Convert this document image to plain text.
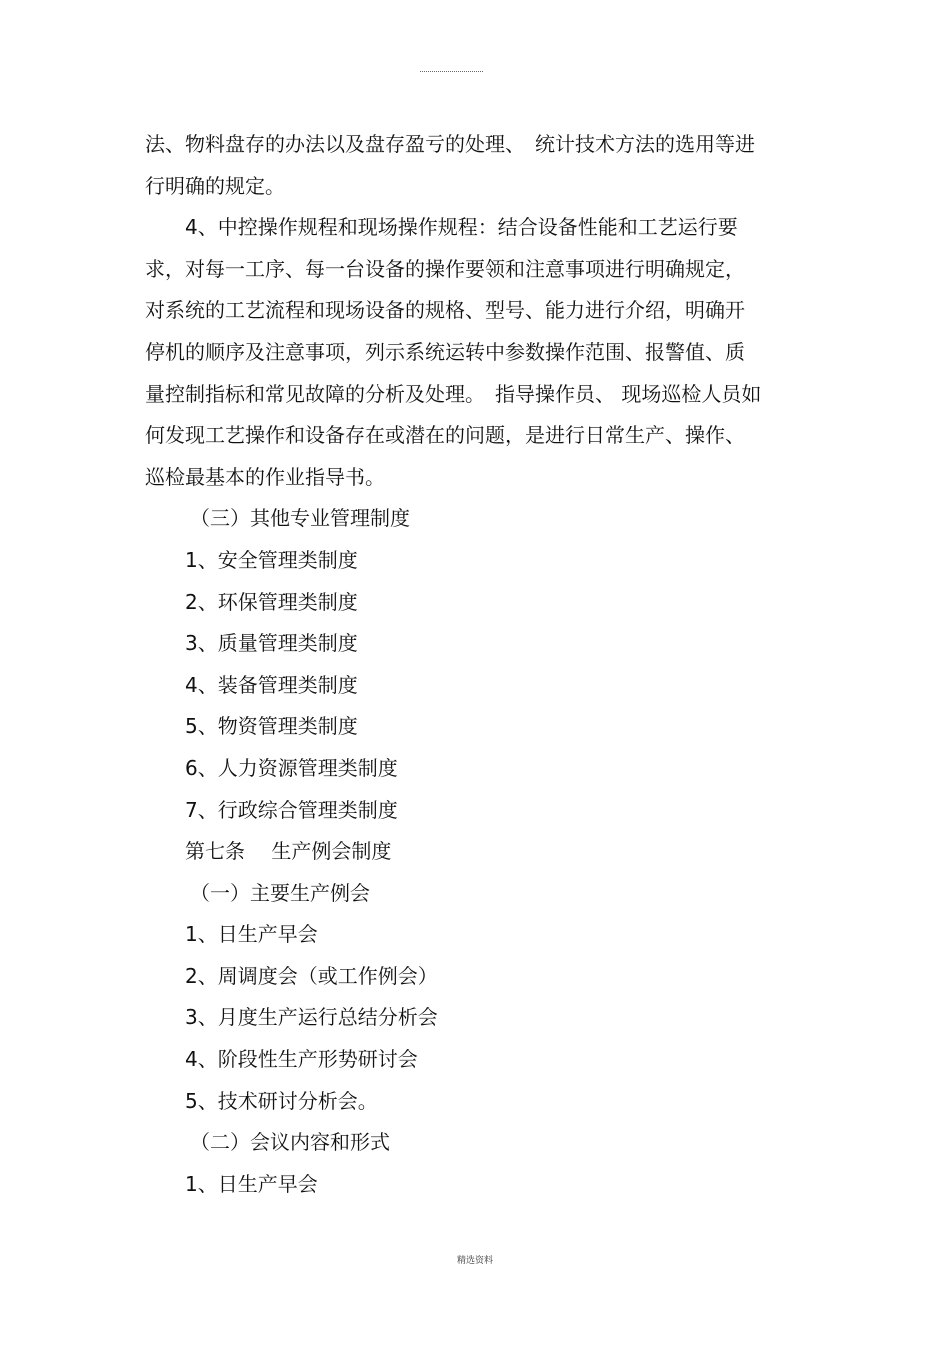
法、物料盘存的办法以及盘存盈亏的处理、　统计技术方法的选用等进
行明确的规定。
4、中控操作规程和现场操作规程：结合设备性能和工艺运行要
求，对每一工序、每一台设备的操作要领和注意事项进行明确规定，
对系统的工艺流程和现场设备的规格、型号、能力进行介绍，明确开
停机的顺序及注意事项，列示系统运转中参数操作范围、报警值、质
量控制指标和常见故障的分析及处理。　指导操作员、 现场巡检人员如
何发现工艺操作和设备存在或潜在的问题，是进行日常生产、操作、
巡检最基本的作业指导书。
（三）其他专业管理制度
1、安全管理类制度
2、环保管理类制度
3、质量管理类制度
4、装备管理类制度
5、物资管理类制度
6、人力资源管理类制度
7、行政综合管理类制度
第七条　 生产例会制度
（一）主要生产例会
1、日生产早会
2、周调度会（或工作例会）
3、月度生产运行总结分析会
4、阶段性生产形势研讨会
5、技术研讨分析会。
（二）会议内容和形式
1、日生产早会
精选资料
